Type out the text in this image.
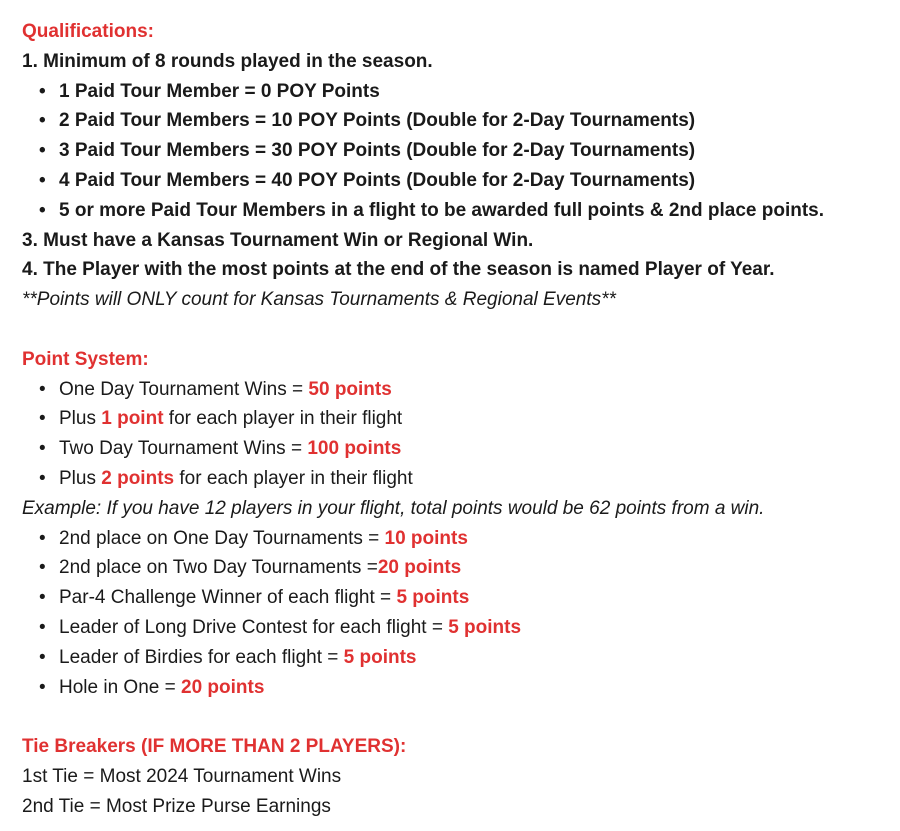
Qualifications:
1. Minimum of 8 rounds played in the season.
• 1 Paid Tour Member = 0 POY Points
• 2 Paid Tour Members = 10 POY Points (Double for 2-Day Tournaments)
• 3 Paid Tour Members = 30 POY Points (Double for 2-Day Tournaments)
• 4 Paid Tour Members = 40 POY Points (Double for 2-Day Tournaments)
• 5 or more Paid Tour Members in a flight to be awarded full points & 2nd place points.
3. Must have a Kansas Tournament Win or Regional Win.
4. The Player with the most points at the end of the season is named Player of Year.
**Points will ONLY count for Kansas Tournaments & Regional Events**
Point System:
• One Day Tournament Wins = 50 points
• Plus 1 point for each player in their flight
• Two Day Tournament Wins = 100 points
• Plus 2 points for each player in their flight
Example: If you have 12 players in your flight, total points would be 62 points from a win.
• 2nd place on One Day Tournaments = 10 points
• 2nd place on Two Day Tournaments =20 points
• Par-4 Challenge Winner of each flight = 5 points
• Leader of Long Drive Contest for each flight = 5 points
• Leader of Birdies for each flight = 5 points
• Hole in One = 20 points
Tie Breakers (IF MORE THAN 2 PLAYERS):
1st Tie = Most 2024 Tournament Wins
2nd Tie = Most Prize Purse Earnings
